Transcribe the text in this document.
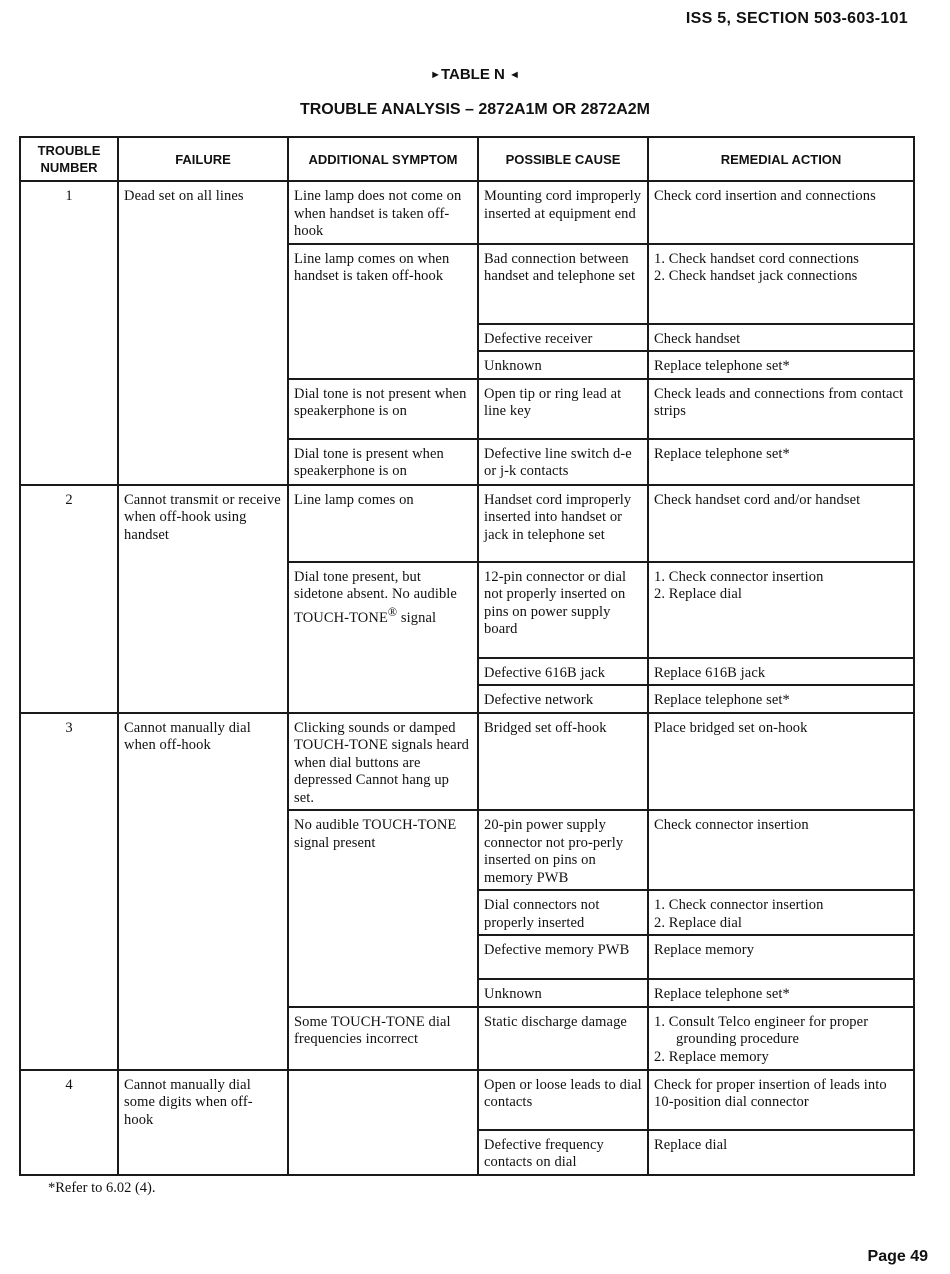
ISS 5, SECTION 503-603-101
►TABLE N ◄
TROUBLE ANALYSIS – 2872A1M OR 2872A2M
TROUBLE NUMBER	FAILURE	ADDITIONAL SYMPTOM	POSSIBLE CAUSE	REMEDIAL ACTION
1	Dead set on all lines	Line lamp does not come on when handset is taken off-hook	Mounting cord improperly inserted at equipment end	Check cord insertion and connections
		Line lamp comes on when handset is taken off-hook	Bad connection between handset and telephone set	1. Check handset cord connections
2. Check handset jack connections

			Defective receiver	Check handset
			Unknown	Replace telephone set*
		Dial tone is not present when speakerphone is on	Open tip or ring lead at line key	Check leads and connections from contact strips
		Dial tone is present when speakerphone is on	Defective line switch d-e or j-k contacts	Replace telephone set*
2	Cannot transmit or receive when off-hook using handset	Line lamp comes on	Handset cord improperly inserted into handset or jack in telephone set	Check handset cord and/or handset
		Dial tone present, but sidetone absent. No audible TOUCH-TONE® signal	12-pin connector or dial not properly inserted on pins on power supply board	1. Check connector insertion
2. Replace dial

			Defective 616B jack	Replace 616B jack
			Defective network	Replace telephone set*
3	Cannot manually dial when off-hook	Clicking sounds or damped TOUCH-TONE signals heard when dial buttons are depressed Cannot hang up set.	Bridged set off-hook	Place bridged set on-hook
		No audible TOUCH-TONE signal present	20-pin power supply connector not pro-perly inserted on pins on memory PWB	Check connector insertion
			Dial connectors not properly inserted	1. Check connector insertion
2. Replace dial

			Defective memory PWB	Replace memory
			Unknown	Replace telephone set*
		Some TOUCH-TONE dial frequencies incorrect	Static discharge damage	1. Consult Telco engineer for proper grounding procedure
2. Replace memory

4	Cannot manually dial some digits when off-hook		Open or loose leads to dial contacts	Check for proper insertion of leads into 10-position dial connector
			Defective frequency contacts on dial	Replace dial
*Refer to 6.02 (4).
Page 49
